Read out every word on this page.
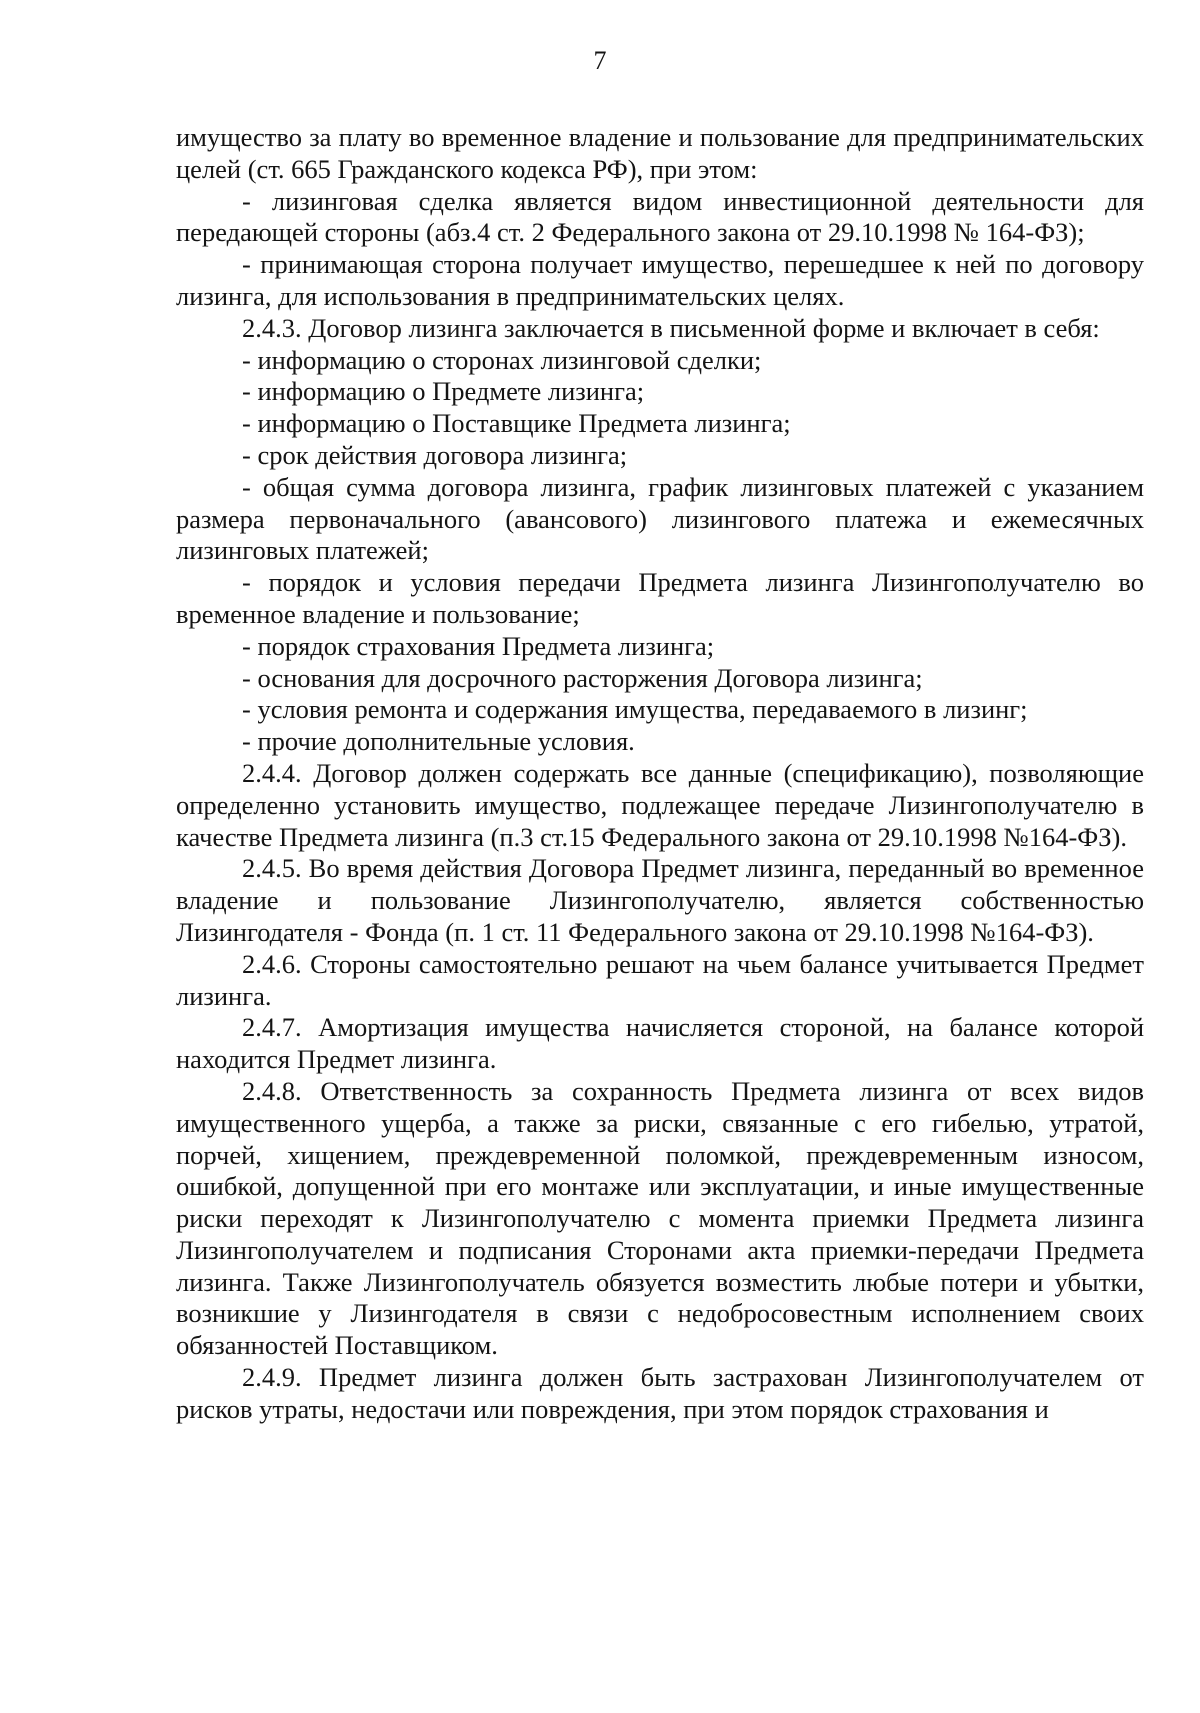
7

имущество за плату во временное владение и пользование для предпринимательских целей (ст. 665 Гражданского кодекса РФ), при этом:

- лизинговая сделка является видом инвестиционной деятельности для передающей стороны (абз.4 ст. 2 Федерального закона от 29.10.1998 № 164-ФЗ);

- принимающая сторона получает имущество, перешедшее к ней по договору лизинга, для использования в предпринимательских целях.

2.4.3. Договор лизинга заключается в письменной форме и включает в себя:

- информацию о сторонах лизинговой сделки;

- информацию о Предмете лизинга;

- информацию о Поставщике Предмета лизинга;

- срок действия договора лизинга;

- общая сумма договора лизинга, график лизинговых платежей с указанием размера первоначального (авансового) лизингового платежа и ежемесячных лизинговых платежей;

- порядок и условия передачи Предмета лизинга Лизингополучателю во временное владение и пользование;

- порядок страхования Предмета лизинга;

- основания для досрочного расторжения Договора лизинга;

- условия ремонта и содержания имущества, передаваемого в лизинг;

- прочие дополнительные условия.

2.4.4. Договор должен содержать все данные (спецификацию), позволяющие определенно установить имущество, подлежащее передаче Лизингополучателю в качестве Предмета лизинга (п.3 ст.15 Федерального закона от 29.10.1998 №164-ФЗ).

2.4.5. Во время действия Договора Предмет лизинга, переданный во временное владение и пользование Лизингополучателю, является собственностью Лизингодателя - Фонда (п. 1 ст. 11 Федерального закона от 29.10.1998 №164-ФЗ).

2.4.6. Стороны самостоятельно решают на чьем балансе учитывается Предмет лизинга.

2.4.7. Амортизация имущества начисляется стороной, на балансе которой находится Предмет лизинга.

2.4.8. Ответственность за сохранность Предмета лизинга от всех видов имущественного ущерба, а также за риски, связанные с его гибелью, утратой, порчей, хищением, преждевременной поломкой, преждевременным износом, ошибкой, допущенной при его монтаже или эксплуатации, и иные имущественные риски переходят к Лизингополучателю с момента приемки Предмета лизинга Лизингополучателем и подписания Сторонами акта приемки-передачи Предмета лизинга. Также Лизингополучатель обязуется возместить любые потери и убытки, возникшие у Лизингодателя в связи с недобросовестным исполнением своих обязанностей Поставщиком.

2.4.9. Предмет лизинга должен быть застрахован Лизингополучателем от рисков утраты, недостачи или повреждения, при этом порядок страхования и
